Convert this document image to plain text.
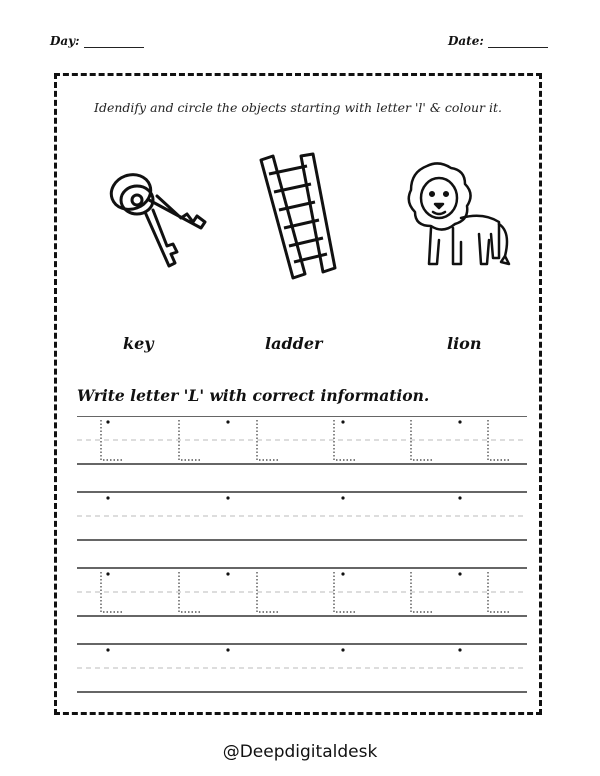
Day:	Date:
Idendify and circle the objects starting with letter 'l' & colour it.
key	ladder	lion
Write letter 'L' with correct information.
@Deepdigitaldesk
